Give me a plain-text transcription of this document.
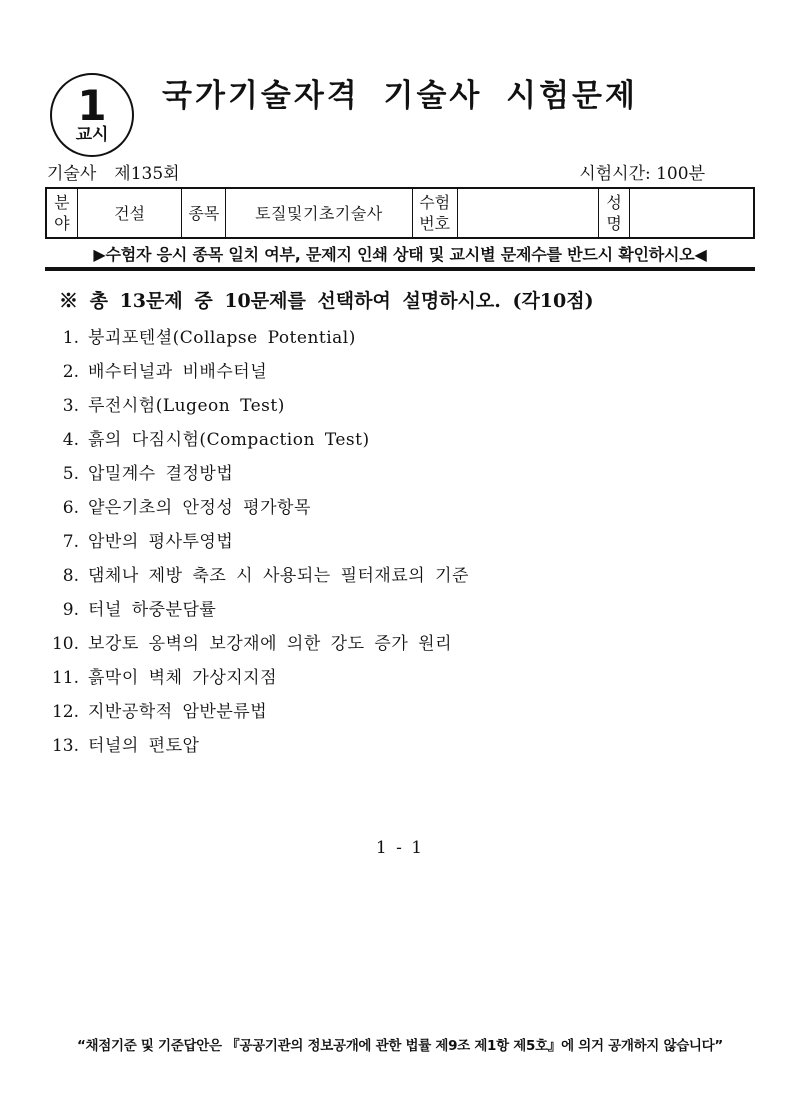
1
교시
국가기술자격 기술사 시험문제
기술사 제135회	시험시간: 100분
분야	건설	종목	토질및기초기술사	수험번호		성명	
▶수험자 응시 종목 일치 여부, 문제지 인쇄 상태 및 교시별 문제수를 반드시 확인하시오◀
※ 총 13문제 중 10문제를 선택하여 설명하시오. (각10점)
1. 붕괴포텐셜(Collapse Potential)
2. 배수터널과 비배수터널
3. 루전시험(Lugeon Test)
4. 흙의 다짐시험(Compaction Test)
5. 압밀계수 결정방법
6. 얕은기초의 안정성 평가항목
7. 암반의 평사투영법
8. 댐체나 제방 축조 시 사용되는 필터재료의 기준
9. 터널 하중분담률
10. 보강토 옹벽의 보강재에 의한 강도 증가 원리
11. 흙막이 벽체 가상지지점
12. 지반공학적 암반분류법
13. 터널의 편토압
1 - 1
“채점기준 및 기준답안은 『공공기관의 정보공개에 관한 법률 제9조 제1항 제5호』에 의거 공개하지 않습니다”
